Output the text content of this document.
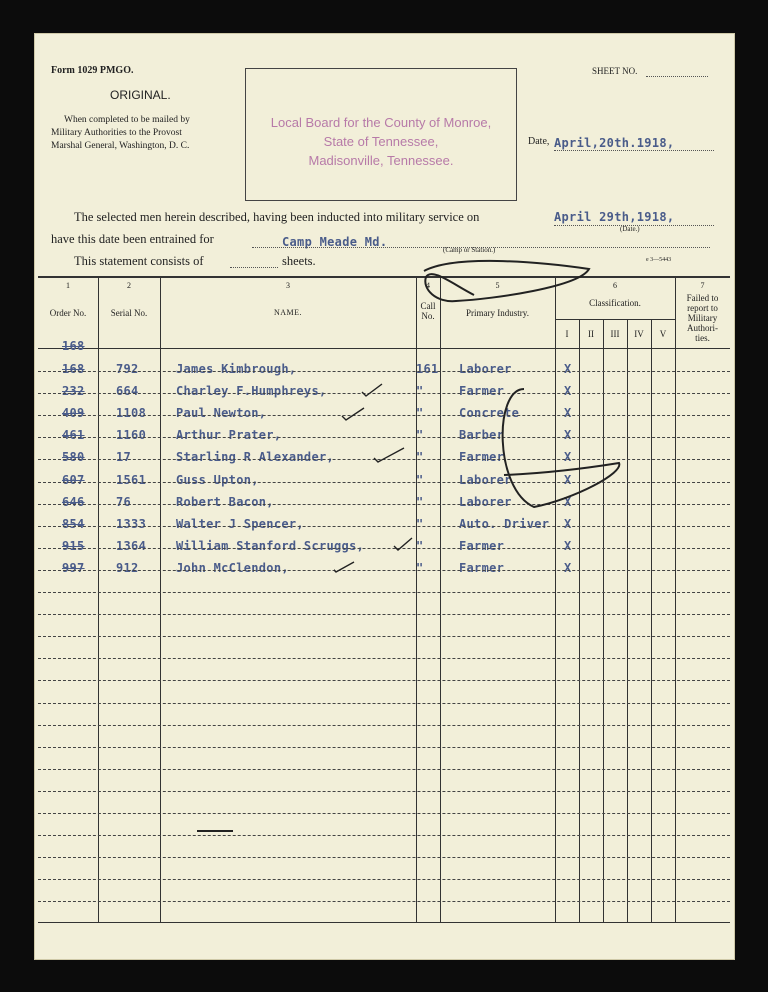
Form 1029 PMGO.
ORIGINAL.
When completed to be mailed by
Military Authorities to the Provost
Marshal General, Washington, D. C.
Local Board for the County of Monroe,
State of Tennessee,
Madisonville, Tennessee.
SHEET NO.
Date, April,20th.1918,
The selected men herein described, having been inducted into military service on	April 29th,1918,
(Date.)
have this date been entrained for	Camp Meade Md.
(Camp or Station.)
This statement consists of	sheets.	e 3—5443
1	2	3	4	5	6	7
Order No.	Serial No.	NAME.
Call
No.	Primary Industry.
Classification.
I	II	III	IV	V
Failed to
report to
Military
Authori-
ties.
168
168	792	James Kimbrough,	161 Laborer	X
232	664	Charley F.Humphreys,	"	Farmer	X
409	1108 Paul Newton,	"	Concrete	X
461	1160 Arthur Prater,	"	Barber	X
580	17	Starling R Alexander,	"	Farmer	X
607	1561 Guss Upton,	"	Laborer	X
646	76	Robert Bacon,	"	Laborer	X
854	1333 Walter J Spencer,	"	Auto. Driver X
915	1364 William Stanford Scruggs,	"	Farmer	X
997	912	John McClendon,	"	Farmer	X
